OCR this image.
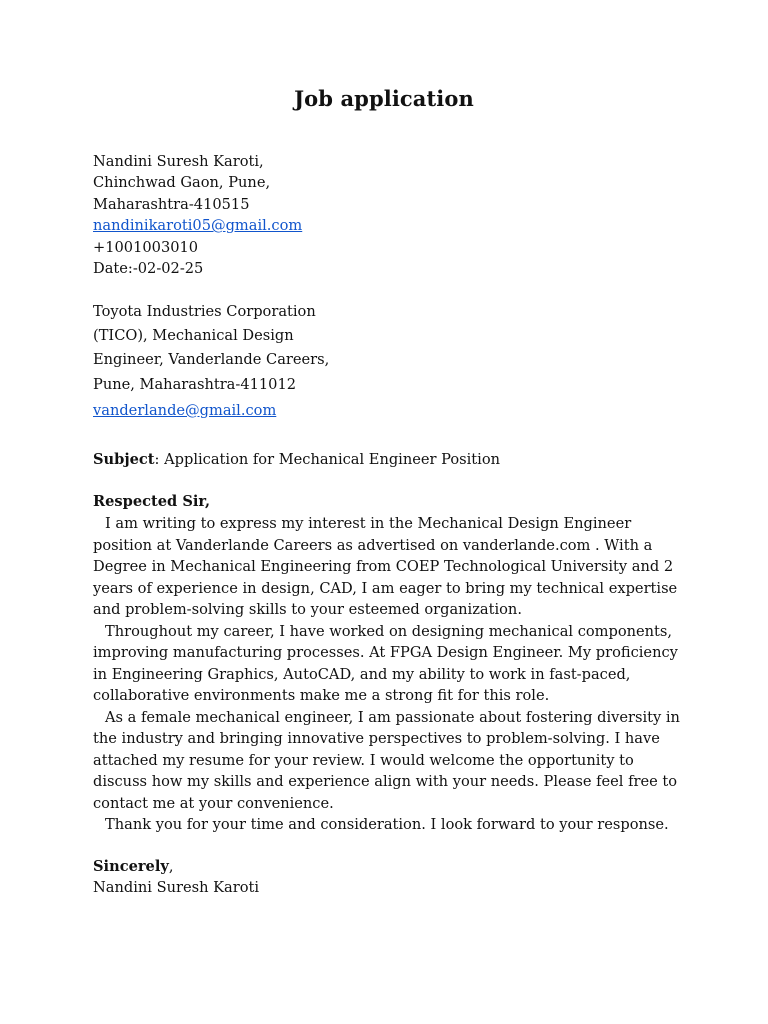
Job application
Nandini Suresh Karoti,
Chinchwad Gaon, Pune,
Maharashtra-410515
nandinikaroti05@gmail.com
+1001003010
Date:-02-02-25
Toyota Industries Corporation
(TICO), Mechanical Design
Engineer, Vanderlande Careers,
Pune, Maharashtra-411012
vanderlande@gmail.com
Subject: Application for Mechanical Engineer Position
Respected Sir,

I am writing to express my interest in the Mechanical Design Engineer position at Vanderlande Careers as advertised on vanderlande.com . With a Degree in Mechanical Engineering from COEP Technological University and 2 years of experience in design, CAD, I am eager to bring my technical expertise and problem-solving skills to your esteemed organization.

Throughout my career, I have worked on designing mechanical components, improving manufacturing processes. At FPGA Design Engineer. My proficiency in Engineering Graphics, AutoCAD, and my ability to work in fast-paced, collaborative environments make me a strong fit for this role.

As a female mechanical engineer, I am passionate about fostering diversity in the industry and bringing innovative perspectives to problem-solving. I have attached my resume for your review. I would welcome the opportunity to discuss how my skills and experience align with your needs. Please feel free to contact me at your convenience.

Thank you for your time and consideration. I look forward to your response.

Sincerely,
Nandini Suresh Karoti
